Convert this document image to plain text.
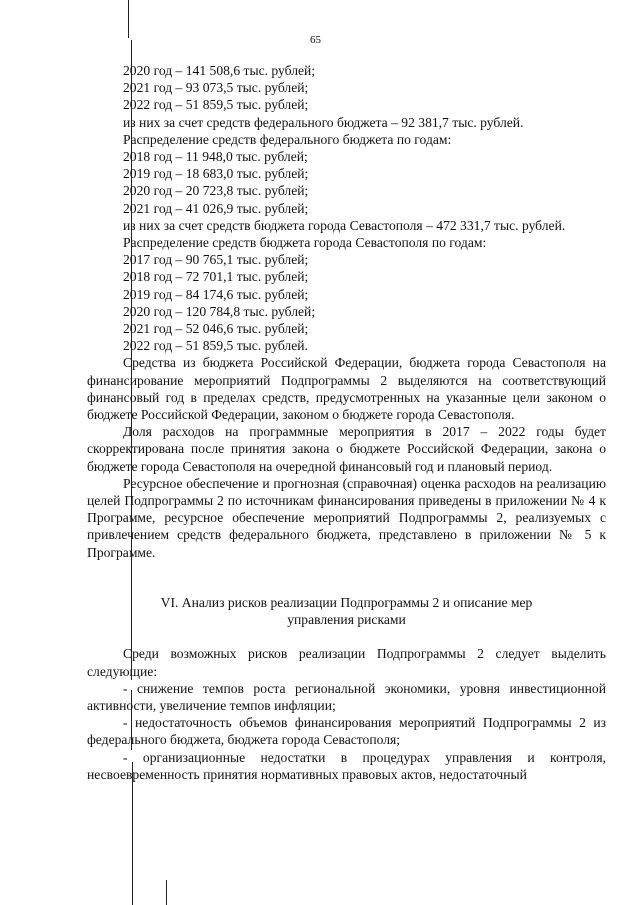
65
2020 год – 141 508,6 тыс. рублей;
2021 год – 93 073,5 тыс. рублей;
2022 год – 51 859,5 тыс. рублей;
из них за счет средств федерального бюджета – 92 381,7 тыс. рублей.
Распределение средств федерального бюджета по годам:
2018 год – 11 948,0 тыс. рублей;
2019 год – 18 683,0 тыс. рублей;
2020 год – 20 723,8 тыс. рублей;
2021 год – 41 026,9 тыс. рублей;
из них за счет средств бюджета города Севастополя – 472 331,7 тыс. рублей.
Распределение средств бюджета города Севастополя по годам:
2017 год – 90 765,1 тыс. рублей;
2018 год – 72 701,1 тыс. рублей;
2019 год – 84 174,6 тыс. рублей;
2020 год – 120 784,8 тыс. рублей;
2021 год – 52 046,6 тыс. рублей;
2022 год – 51 859,5 тыс. рублей.
Средства из бюджета Российской Федерации, бюджета города Севастополя на финансирование мероприятий Подпрограммы 2 выделяются на соответствующий финансовый год в пределах средств, предусмотренных на указанные цели законом о бюджете Российской Федерации, законом о бюджете города Севастополя.
Доля расходов на программные мероприятия в 2017 – 2022 годы будет скорректирована после принятия закона о бюджете Российской Федерации, закона о бюджете города Севастополя на очередной финансовый год и плановый период.
Ресурсное обеспечение и прогнозная (справочная) оценка расходов на реализацию целей Подпрограммы 2 по источникам финансирования приведены в приложении № 4 к Программе, ресурсное обеспечение мероприятий Подпрограммы 2, реализуемых с привлечением средств федерального бюджета, представлено в приложении № 5 к Программе.
VI. Анализ рисков реализации Подпрограммы 2 и описание мер
управления рисками
Среди возможных рисков реализации Подпрограммы 2 следует выделить следующие:
- снижение темпов роста региональной экономики, уровня инвестиционной активности, увеличение темпов инфляции;
- недостаточность объемов финансирования мероприятий Подпрограммы 2 из федерального бюджета, бюджета города Севастополя;
- организационные недостатки в процедурах управления и контроля, несвоевременность принятия нормативных правовых актов, недостаточный
